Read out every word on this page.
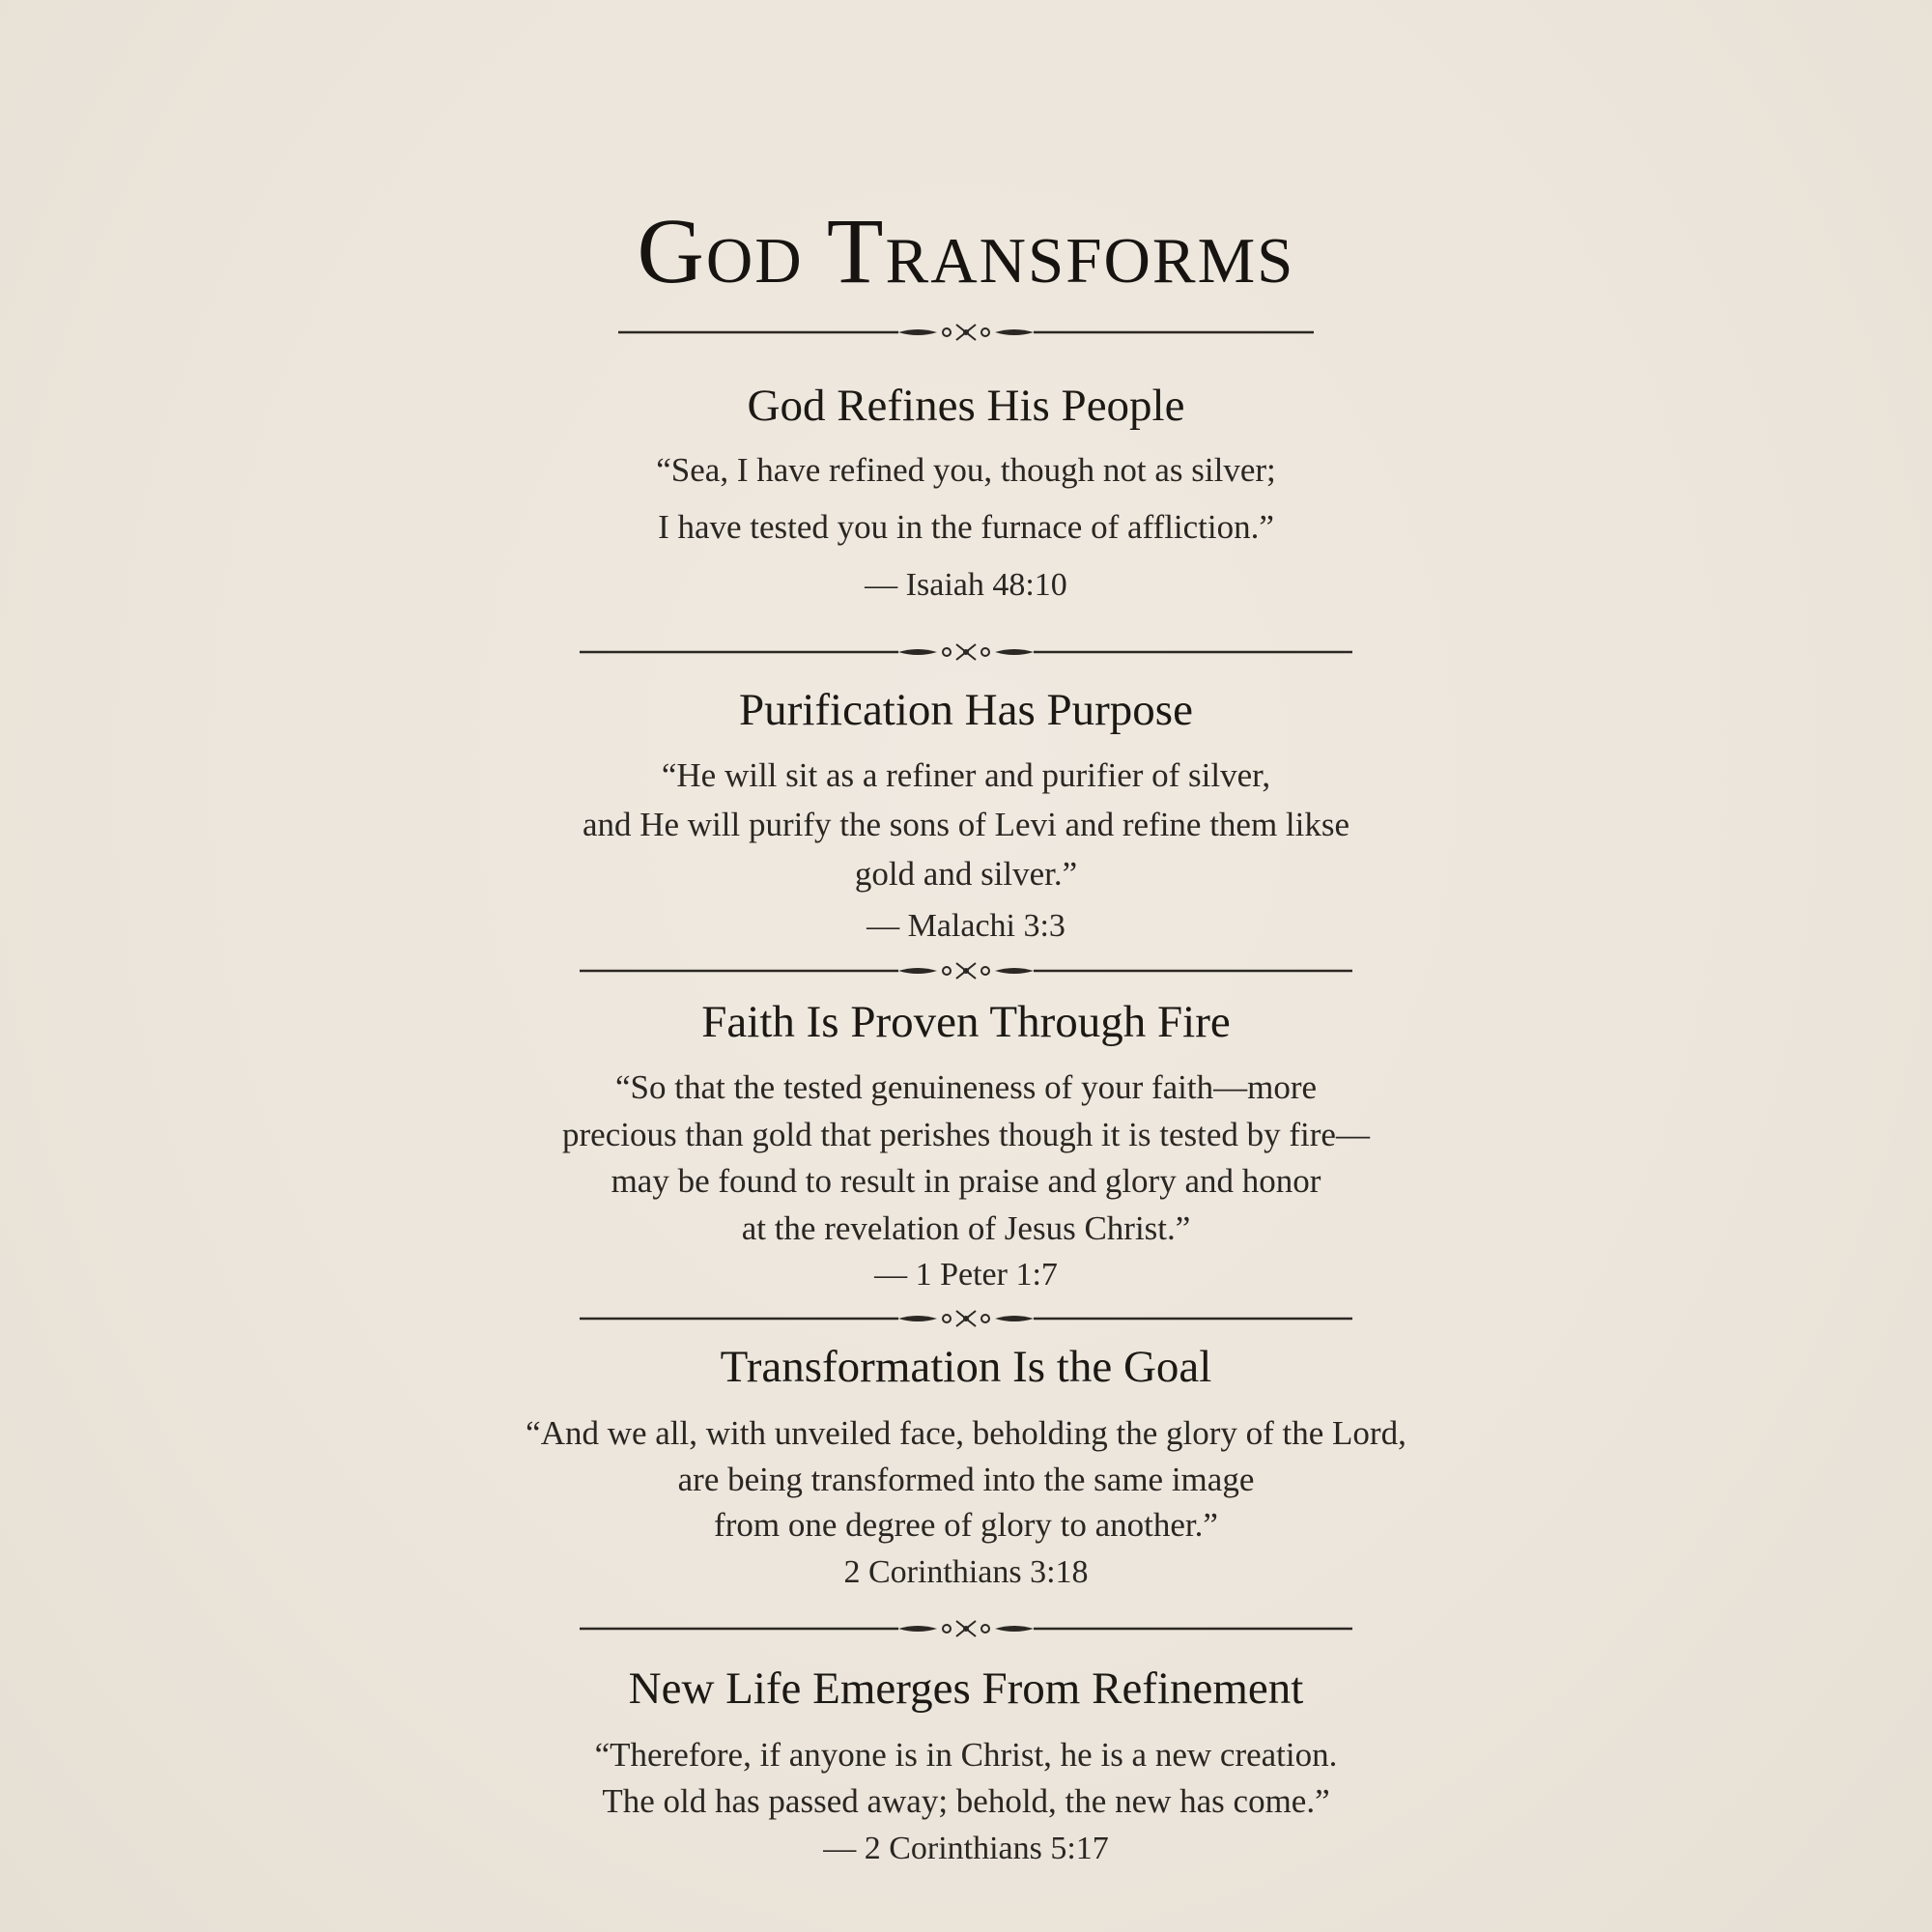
God Transforms
God Refines His People
“Sea, I have refined you, though not as silver;
I have tested you in the furnace of affliction.”
— Isaiah 48:10
Purification Has Purpose
“He will sit as a refiner and purifier of silver,
and He will purify the sons of Levi and refine them likse
gold and silver.”
— Malachi 3:3
Faith Is Proven Through Fire
“So that the tested genuineness of your faith—more
precious than gold that perishes though it is tested by fire—
may be found to result in praise and glory and honor
at the revelation of Jesus Christ.”
— 1 Peter 1:7
Transformation Is the Goal
“And we all, with unveiled face, beholding the glory of the Lord,
are being transformed into the same image
from one degree of glory to another.”
2 Corinthians 3:18
New Life Emerges From Refinement
“Therefore, if anyone is in Christ, he is a new creation.
The old has passed away; behold, the new has come.”
— 2 Corinthians 5:17
